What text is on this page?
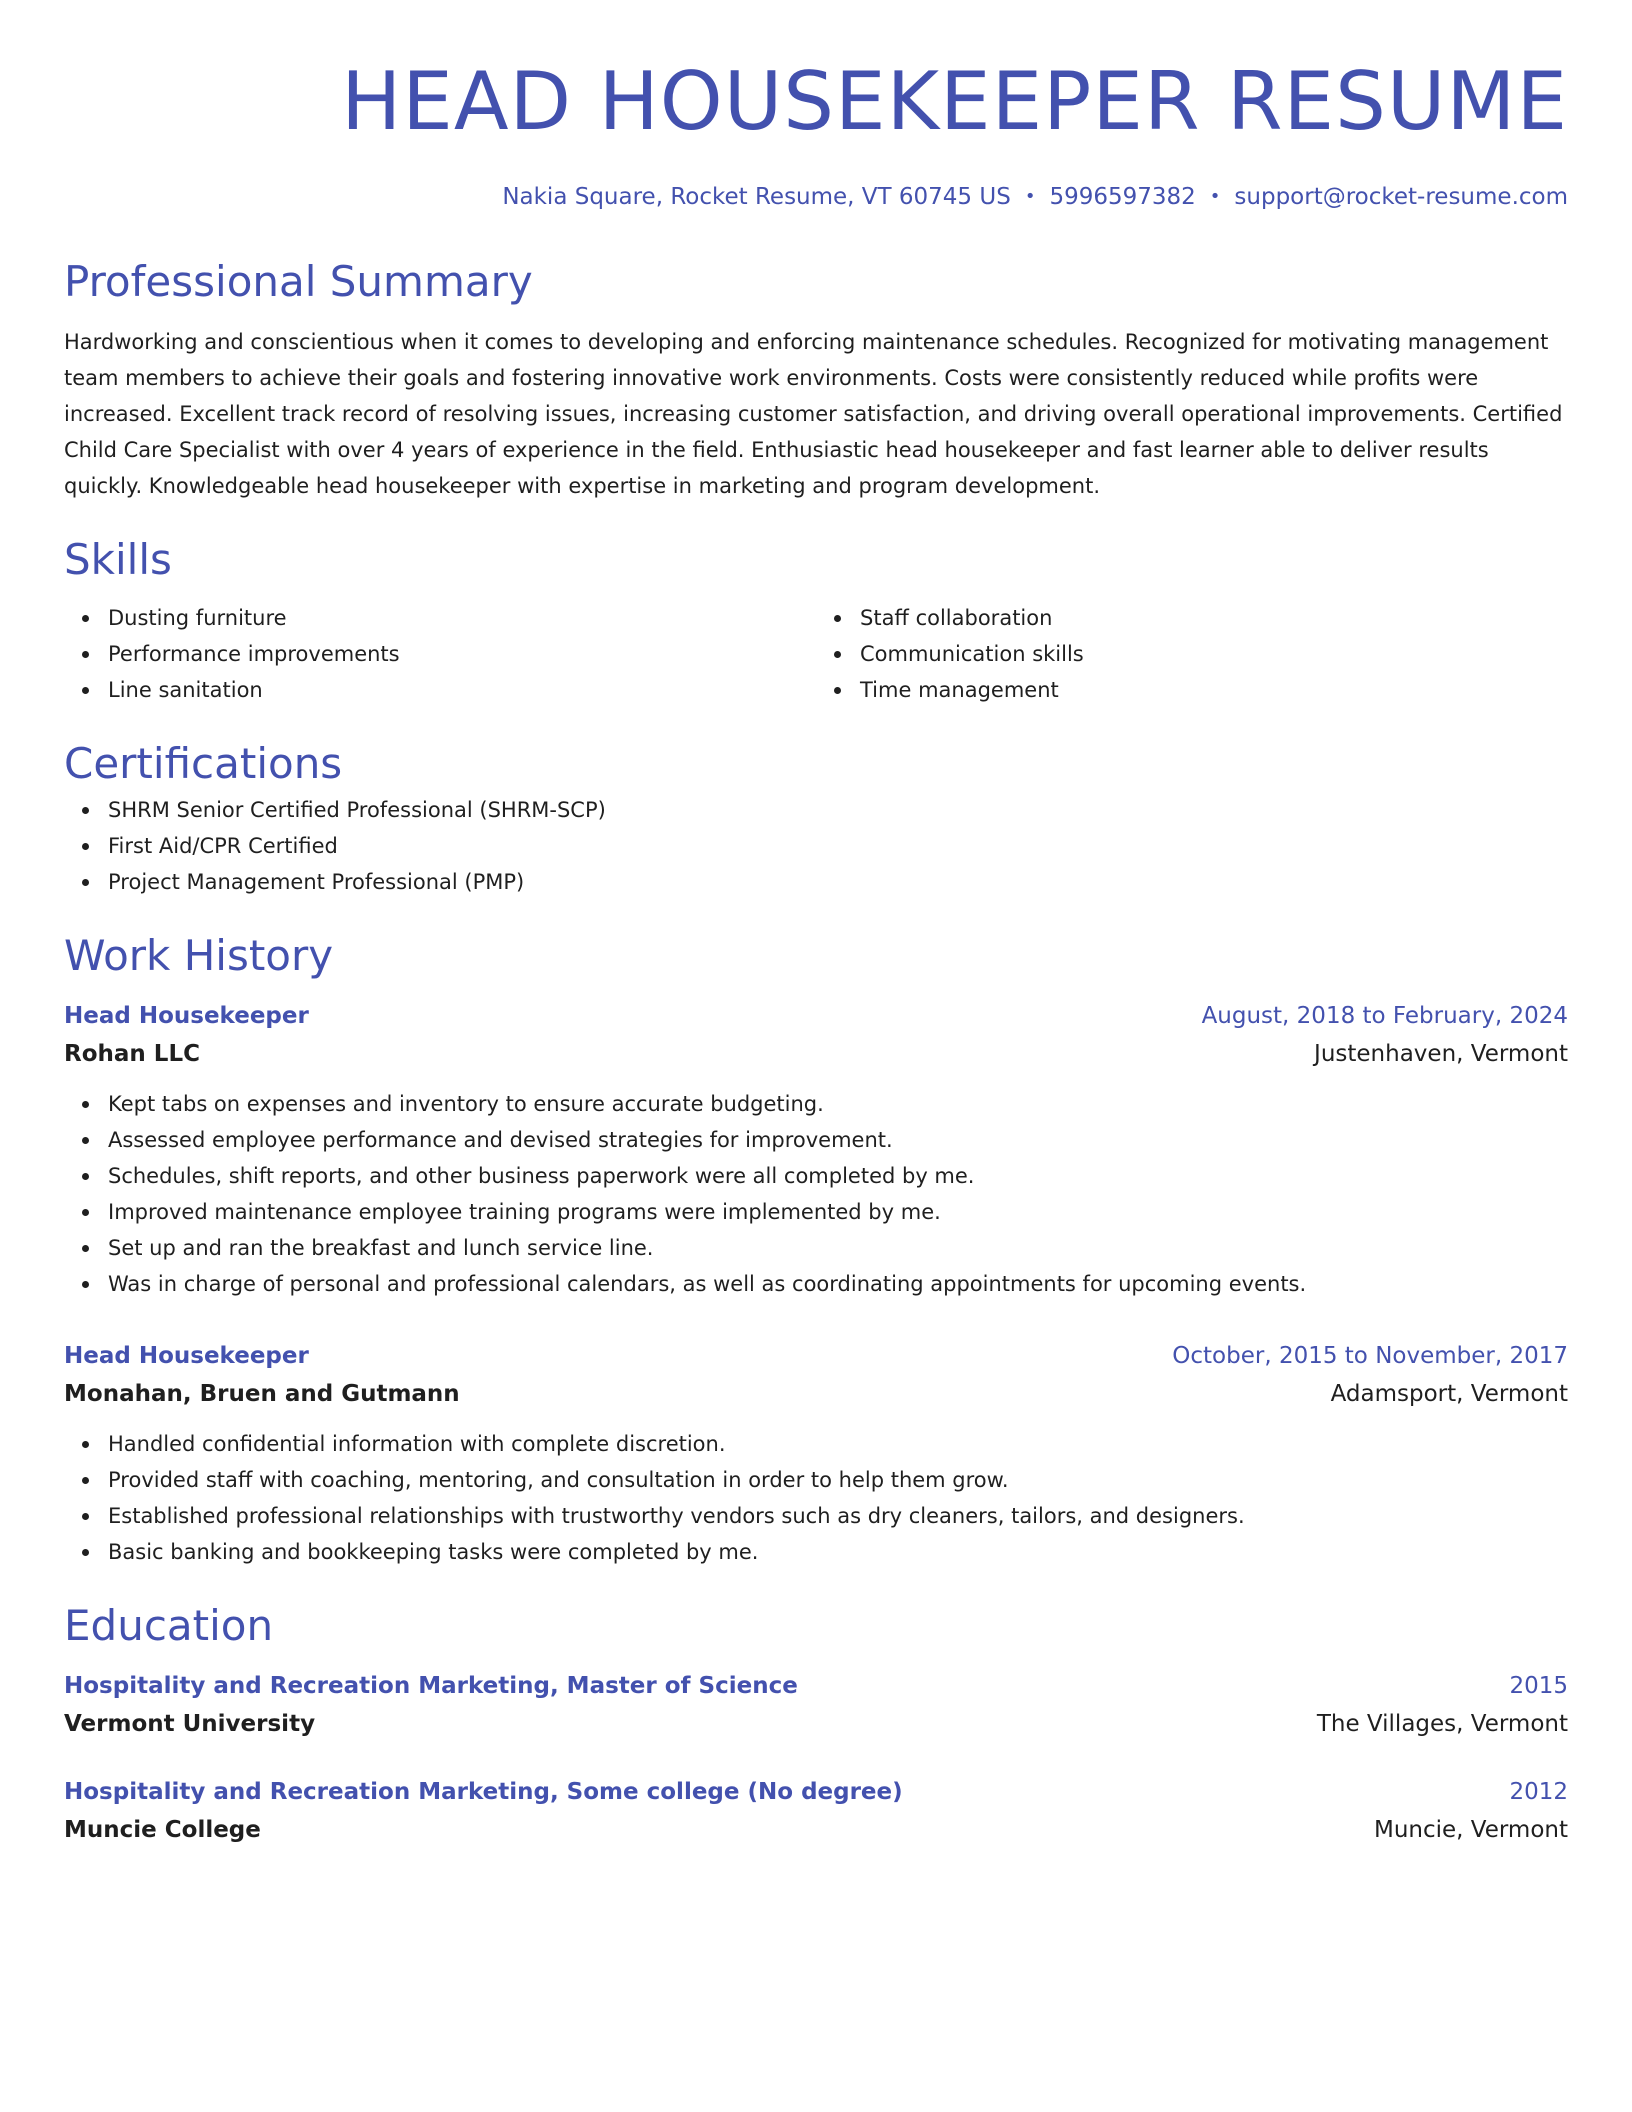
HEAD HOUSEKEEPER RESUME
Nakia Square, Rocket Resume, VT 60745 US • 5996597382 • support@rocket-resume.com
Professional Summary
Hardworking and conscientious when it comes to developing and enforcing maintenance schedules. Recognized for motivating management team members to achieve their goals and fostering innovative work environments. Costs were consistently reduced while profits were increased. Excellent track record of resolving issues, increasing customer satisfaction, and driving overall operational improvements. Certified Child Care Specialist with over 4 years of experience in the field. Enthusiastic head housekeeper and fast learner able to deliver results quickly. Knowledgeable head housekeeper with expertise in marketing and program development.
Skills
Dusting furniture
Performance improvements
Line sanitation
Staff collaboration
Communication skills
Time management
Certifications
SHRM Senior Certified Professional (SHRM-SCP)
First Aid/CPR Certified
Project Management Professional (PMP)
Work History
Head Housekeeper	August, 2018 to February, 2024
Rohan LLC	Justenhaven, Vermont
Kept tabs on expenses and inventory to ensure accurate budgeting.
Assessed employee performance and devised strategies for improvement.
Schedules, shift reports, and other business paperwork were all completed by me.
Improved maintenance employee training programs were implemented by me.
Set up and ran the breakfast and lunch service line.
Was in charge of personal and professional calendars, as well as coordinating appointments for upcoming events.
Head Housekeeper	October, 2015 to November, 2017
Monahan, Bruen and Gutmann	Adamsport, Vermont
Handled confidential information with complete discretion.
Provided staff with coaching, mentoring, and consultation in order to help them grow.
Established professional relationships with trustworthy vendors such as dry cleaners, tailors, and designers.
Basic banking and bookkeeping tasks were completed by me.
Education
Hospitality and Recreation Marketing, Master of Science	2015
Vermont University	The Villages, Vermont
Hospitality and Recreation Marketing, Some college (No degree)	2012
Muncie College	Muncie, Vermont
